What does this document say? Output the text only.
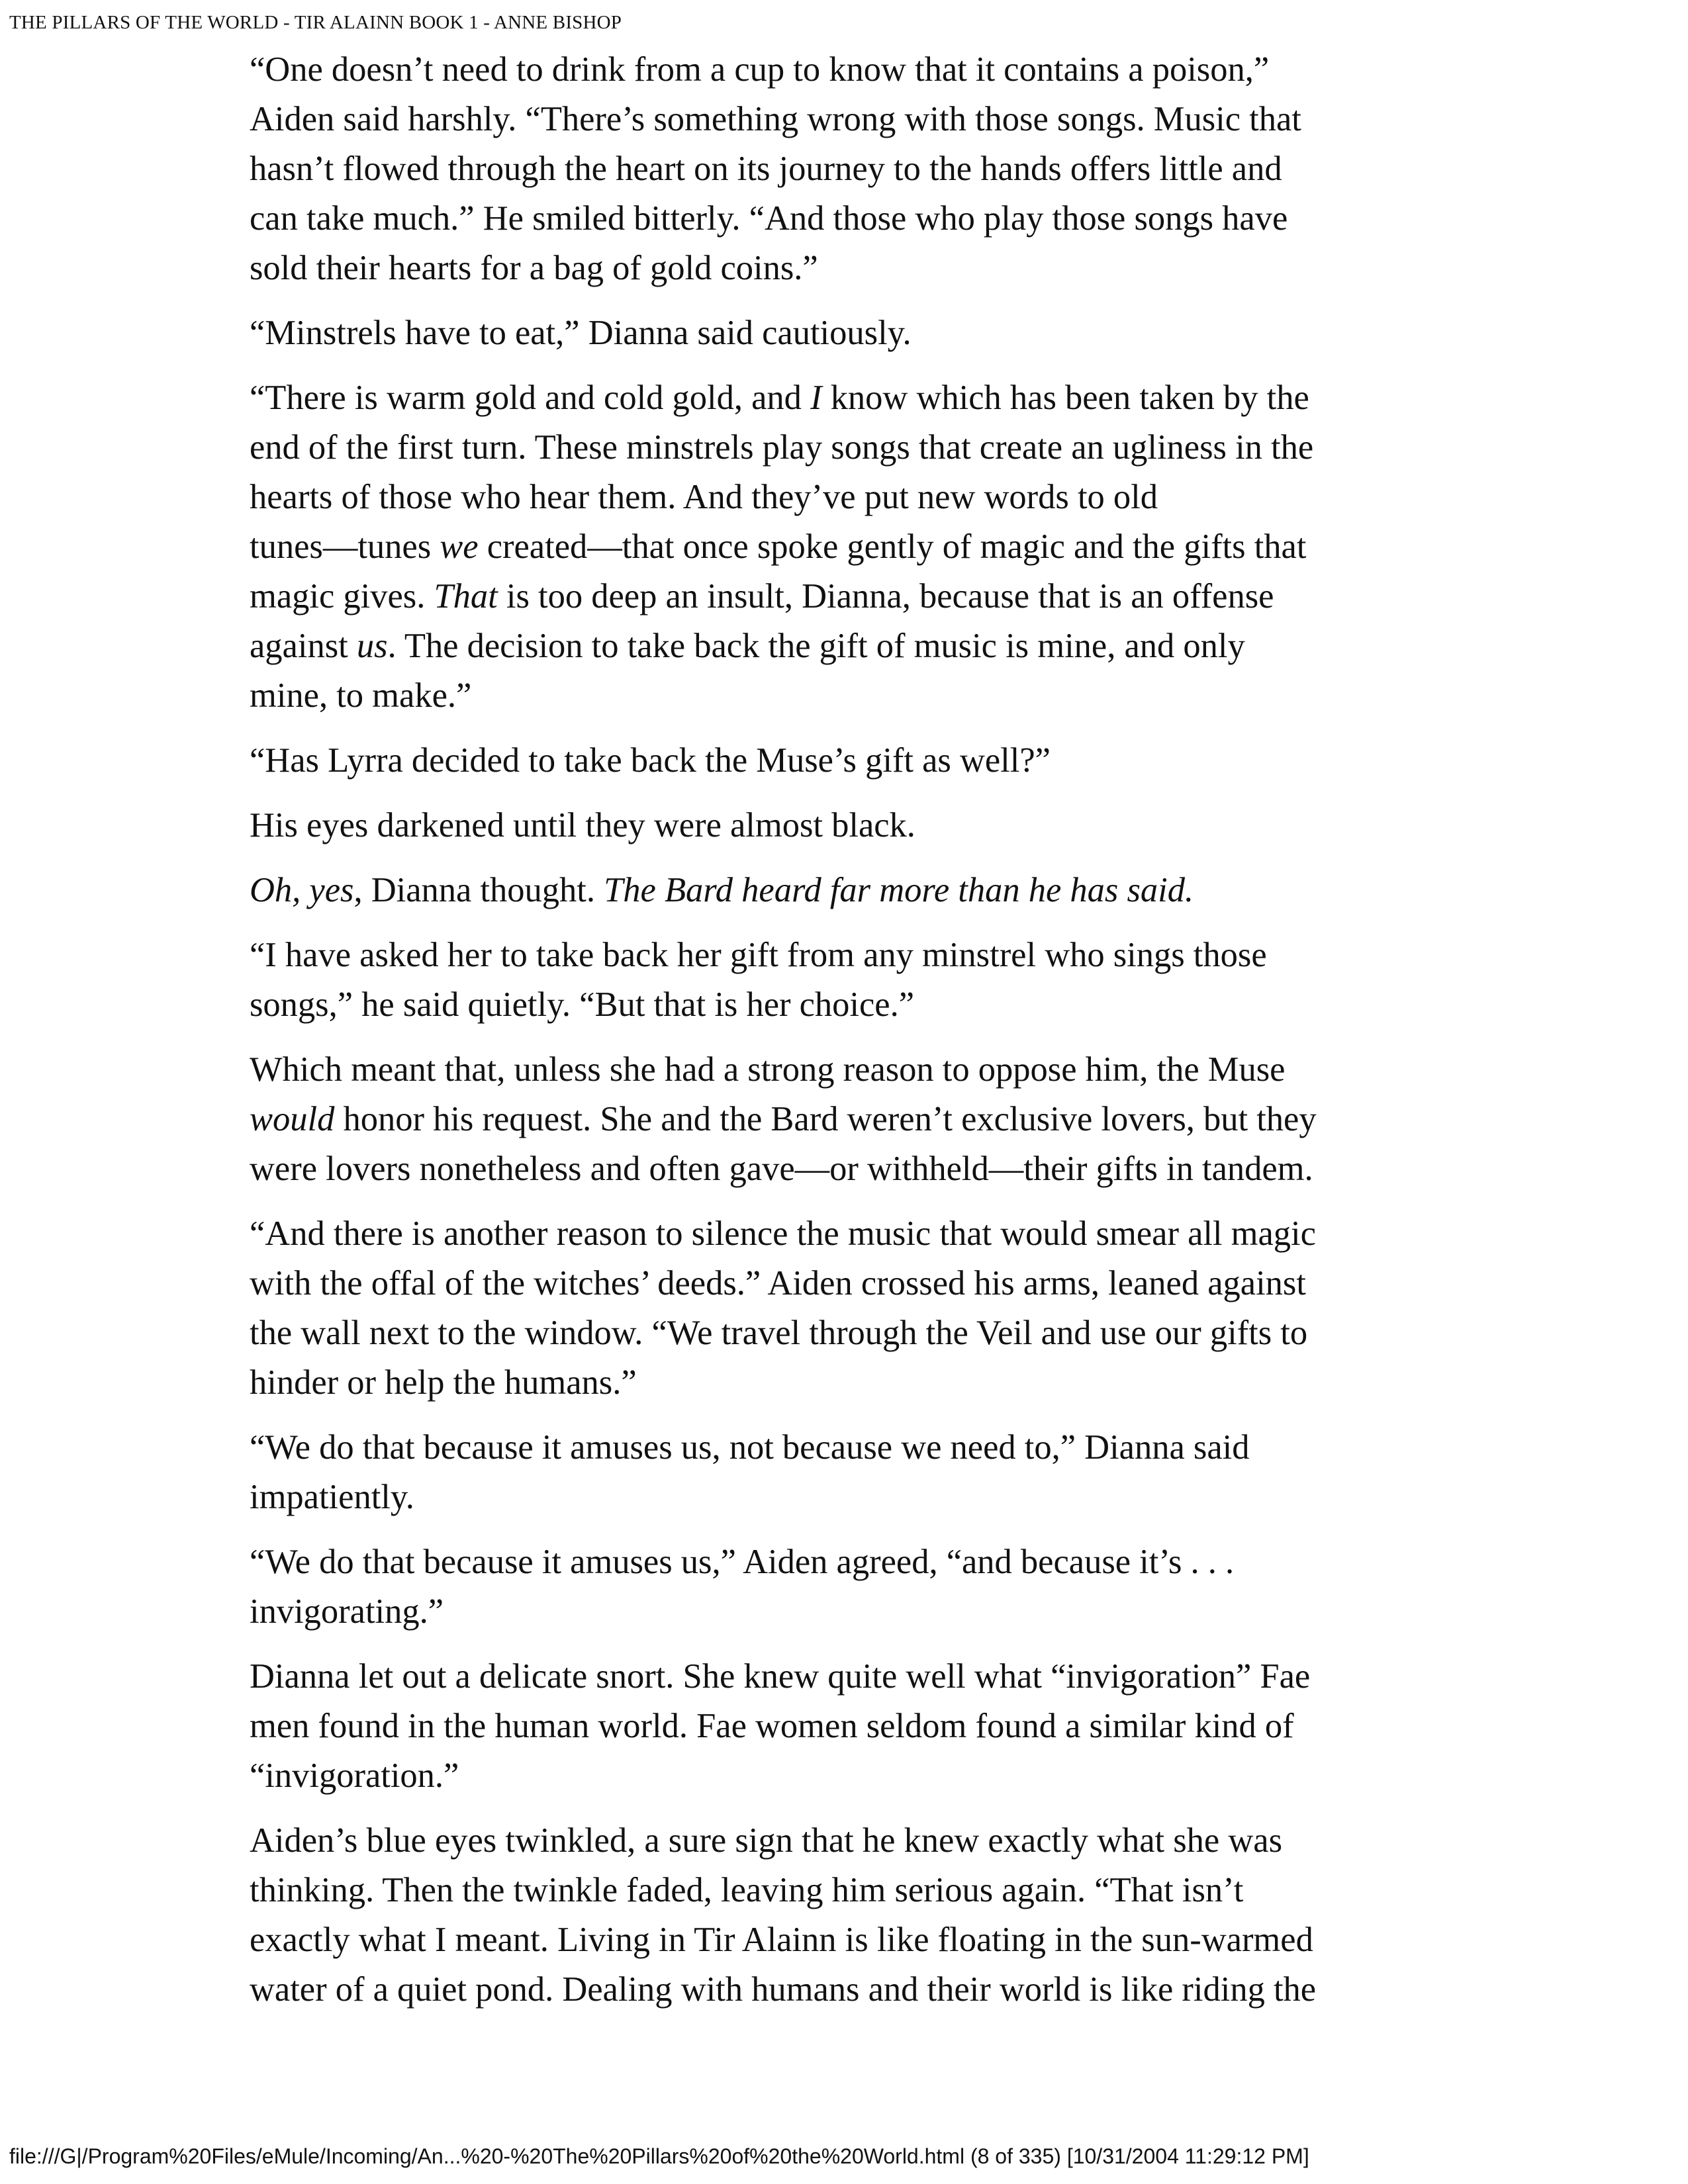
THE PILLARS OF THE WORLD - TIR ALAINN BOOK 1 - ANNE BISHOP

“One doesn’t need to drink from a cup to know that it contains a poison,”
Aiden said harshly. “There’s something wrong with those songs. Music that
hasn’t flowed through the heart on its journey to the hands offers little and
can take much.” He smiled bitterly. “And those who play those songs have
sold their hearts for a bag of gold coins.”

“Minstrels have to eat,” Dianna said cautiously.

“There is warm gold and cold gold, and I know which has been taken by the
end of the first turn. These minstrels play songs that create an ugliness in the
hearts of those who hear them. And they’ve put new words to old
tunes—tunes we created—that once spoke gently of magic and the gifts that
magic gives. That is too deep an insult, Dianna, because that is an offense
against us. The decision to take back the gift of music is mine, and only
mine, to make.”

“Has Lyrra decided to take back the Muse’s gift as well?”

His eyes darkened until they were almost black.

Oh, yes, Dianna thought. The Bard heard far more than he has said.

“I have asked her to take back her gift from any minstrel who sings those
songs,” he said quietly. “But that is her choice.”

Which meant that, unless she had a strong reason to oppose him, the Muse
would honor his request. She and the Bard weren’t exclusive lovers, but they
were lovers nonetheless and often gave—or withheld—their gifts in tandem.

“And there is another reason to silence the music that would smear all magic
with the offal of the witches’ deeds.” Aiden crossed his arms, leaned against
the wall next to the window. “We travel through the Veil and use our gifts to
hinder or help the humans.”

“We do that because it amuses us, not because we need to,” Dianna said
impatiently.

“We do that because it amuses us,” Aiden agreed, “and because it’s . . .
invigorating.”

Dianna let out a delicate snort. She knew quite well what “invigoration” Fae
men found in the human world. Fae women seldom found a similar kind of
“invigoration.”

Aiden’s blue eyes twinkled, a sure sign that he knew exactly what she was
thinking. Then the twinkle faded, leaving him serious again. “That isn’t
exactly what I meant. Living in Tir Alainn is like floating in the sun-warmed
water of a quiet pond. Dealing with humans and their world is like riding the

file:///G|/Program%20Files/eMule/Incoming/An...%20-%20The%20Pillars%20of%20the%20World.html (8 of 335) [10/31/2004 11:29:12 PM]
